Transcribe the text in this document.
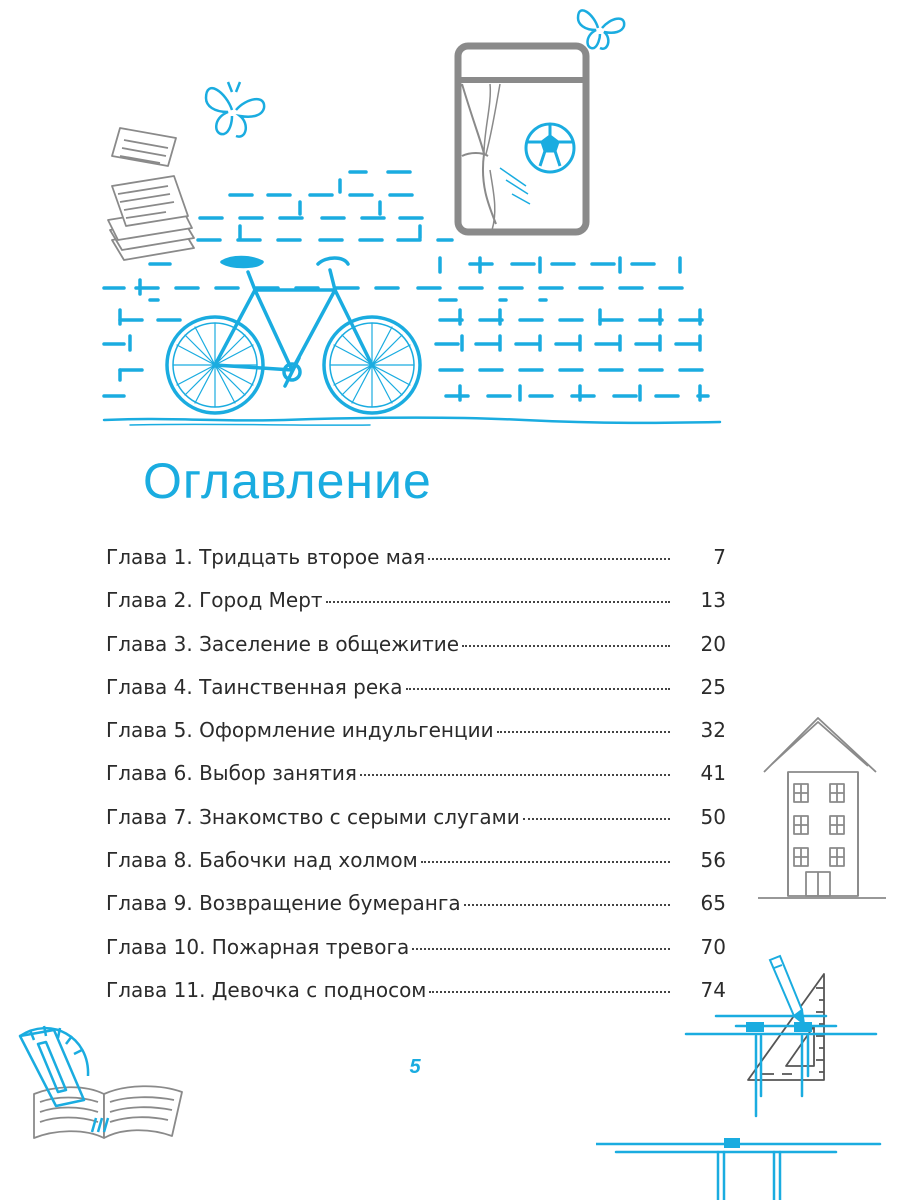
Оглавление
Глава 1. Тридцать второе мая	7
Глава 2. Город Мерт	13
Глава 3. Заселение в общежитие	20
Глава 4. Таинственная река	25
Глава 5. Оформление индульгенции	32
Глава 6. Выбор занятия	41
Глава 7. Знакомство с серыми слугами	50
Глава 8. Бабочки над холмом	56
Глава 9. Возвращение бумеранга	65
Глава 10. Пожарная тревога	70
Глава 11. Девочка с подносом	74
5
